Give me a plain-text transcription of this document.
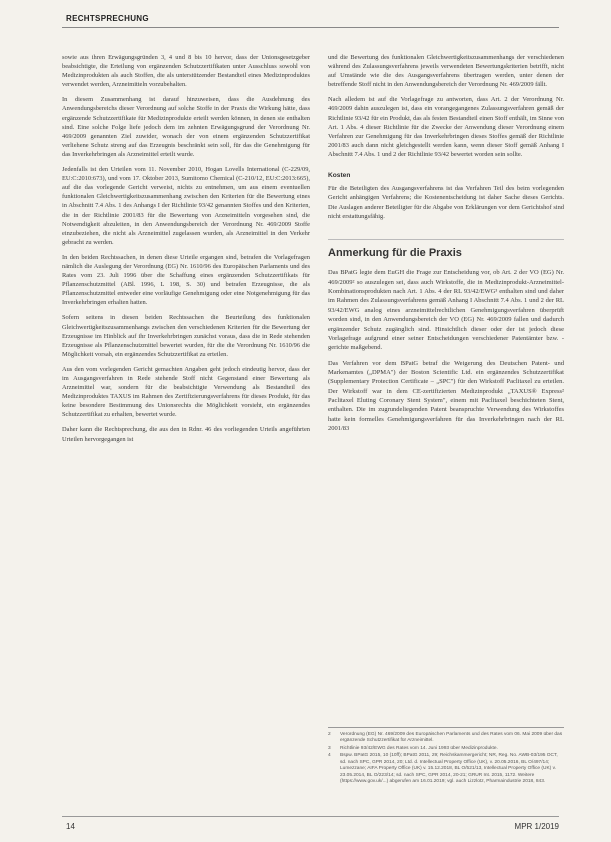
RECHTSPRECHUNG

sowie aus ihren Erwägungsgründen 3, 4 und 8 bis 10 hervor, dass der Unionsgesetzgeber beabsichtigte, die Erteilung von ergänzenden Schutzzertifikaten unter Ausschluss sowohl von Medizinprodukten als auch Stoffen, die als unterstützender Bestandteil eines Medizinproduktes verwendet werden, Arzneimitteln vorzubehalten.

In diesem Zusammenhang ist darauf hinzuweisen, dass die Ausdehnung des Anwendungsbereichs dieser Verordnung auf solche Stoffe in der Praxis die Wirkung hätte, dass ergänzende Schutzzertifikate für Medizinprodukte erteilt werden können, in denen sie enthalten sind. Eine solche Folge liefe jedoch dem im zehnten Erwägungsgrund der Verordnung Nr. 469/2009 genannten Ziel zuwider, wonach der von einem ergänzenden Schutzzertifikat verliehene Schutz streng auf das Erzeugnis beschränkt sein soll, für das die Genehmigung für das Inverkehrbringen als Arzneimittel erteilt wurde.

Jedenfalls ist den Urteilen vom 11. November 2010, Hogan Lovells International (C-229/09, EU:C:2010:673), und vom 17. Oktober 2013, Sumitomo Chemical (C-210/12, EU:C:2013:665), auf die das vorlegende Gericht verweist, nichts zu entnehmen, um aus einem eventuellen funktionalen Gleichwertigkeitszusammenhang zwischen den Kriterien für die Bewertung eines in Abschnitt 7.4 Abs. 1 des Anhangs I der Richtlinie 93/42 genannten Stoffes und den Kriterien, die in der Richtlinie 2001/83 für die Bewertung von Arzneimitteln vorgesehen sind, die Notwendigkeit abzuleiten, in den Anwendungsbereich der Verordnung Nr. 469/2009 Stoffe einzubeziehen, die nicht als Arzneimittel zugelassen wurden, als Arzneimittel in den Verkehr gebracht zu werden.

In den beiden Rechtssachen, in denen diese Urteile ergangen sind, betrafen die Vorlagefragen nämlich die Auslegung der Verordnung (EG) Nr. 1610/96 des Europäischen Parlaments und des Rates vom 23. Juli 1996 über die Schaffung eines ergänzenden Schutzzertifikats für Pflanzenschutzmittel (ABl. 1996, L 198, S. 30) und betrafen Erzeugnisse, die als Pflanzenschutzmittel entweder eine vorläufige Genehmigung oder eine Notgenehmigung für das Inverkehrbringen erhalten hatten.

Sofern seitens in diesen beiden Rechtssachen die Beurteilung des funktionalen Gleichwertigkeitszusammenhangs zwischen den verschiedenen Kriterien für die Bewertung der Erzeugnisse im Hinblick auf ihr Inverkehrbringen zunächst voraus, dass die in Rede stehenden Erzeugnisse als Pflanzenschutzmittel bewertet wurden, für die die Verordnung Nr. 1610/96 die Möglichkeit vorsah, ein ergänzendes Schutzzertifikat zu erteilen.

Aus den vom vorlegenden Gericht gemachten Angaben geht jedoch eindeutig hervor, dass der im Ausgangsverfahren in Rede stehende Stoff nicht Gegenstand einer Bewertung als Arzneimittel war, sondern für die beabsichtigte Verwendung als Bestandteil des Medizinproduktes TAXUS im Rahmen des Zertifizierungsverfahrens für dieses Produkt, für das keine besondere Bestimmung des Unionsrechts die Möglichkeit vorsieht, ein ergänzendes Schutzzertifikat zu erhalten, bewertet wurde.

Daher kann die Rechtsprechung, die aus den in Rdnr. 46 des vorliegenden Urteils angeführten Urteilen hervorgegangen ist

und die Bewertung des funktionalen Gleichwertigkeitszusammenhangs der verschiedenen während des Zulassungsverfahrens jeweils verwendeten Bewertungskriterien betrifft, nicht auf Umstände wie die des Ausgangsverfahrens übertragen werden, unter denen der betreffende Stoff nicht in den Anwendungsbereich der Verordnung Nr. 469/2009 fällt.

Nach alledem ist auf die Vorlagefrage zu antworten, dass Art. 2 der Verordnung Nr. 469/2009 dahin auszulegen ist, dass ein vorangegangenes Zulassungsverfahren gemäß der Richtlinie 93/42 für ein Produkt, das als festen Bestandteil einen Stoff enthält, im Sinne von Art. 1 Abs. 4 dieser Richtlinie für die Zwecke der Anwendung dieser Verordnung einem Verfahren zur Genehmigung für das Inverkehrbringen dieses Stoffes gemäß der Richtlinie 2001/83 auch dann nicht gleichgestellt werden kann, wenn dieser Stoff gemäß Anhang I Abschnitt 7.4 Abs. 1 und 2 der Richtlinie 93/42 bewertet worden sein sollte.

Kosten

Für die Beteiligten des Ausgangsverfahrens ist das Verfahren Teil des beim vorlegenden Gericht anhängigen Verfahrens; die Kostenentscheidung ist daher Sache dieses Gerichts. Die Auslagen anderer Beteiligter für die Abgabe von Erklärungen vor dem Gerichtshof sind nicht erstattungsfähig.

Anmerkung für die Praxis

Das BPatG legte dem EuGH die Frage zur Entscheidung vor, ob Art. 2 der VO (EG) Nr. 469/2009² so auszulegen sei, dass auch Wirkstoffe, die in Medizinprodukt-Arzneimittel-Kombinationsprodukten nach Art. 1 Abs. 4 der RL 93/42/EWG³ enthalten sind und daher im Rahmen des Zulassungsverfahrens gemäß Anhang I Abschnitt 7.4 Abs. 1 und 2 der RL 93/42/EWG analog eines arzneimittelrechtlichen Genehmigungsverfahren überprüft worden sind, in den Anwendungsbereich der VO (EG) Nr. 469/2009 fallen und dadurch ergänzender Schutz zugänglich sind. Hinsichtlich dieser oder der ist jedoch diese Vorlagefrage aufgrund einer seiner Entscheidungen verschiedener Patentämter bzw. -gerichte maßgebend.

Das Verfahren vor dem BPatG betraf die Weigerung des Deutschen Patent- und Markenamtes („DPMA") der Boston Scientific Ltd. ein ergänzendes Schutzzertifikat (Supplementary Protection Certificate – „SPC") für den Wirkstoff Paclitaxel zu erteilen. Der Wirkstoff war in dem CE-zertifizierten Medizinprodukt „TAXUS® Express² Paclitaxel Eluting Coronary Stent System", einem mit Paclitaxel beschichteten Stent, enthalten. Die im zugrundeliegenden Patent beanspruchte Verwendung des Wirkstoffes hatte kein formelles Genehmigungsverfahren für das Inverkehrbringen nach der RL 2001/83

2	Verordnung (EG) Nr. 469/2009 des Europäischen Parlaments und des Rates vom 06. Mai 2009 über das ergänzende Schutzzertifikat für Arzneimittel.
3	Richtlinie 93/42/EWG des Rates vom 14. Juni 1993 über Medizinprodukte.
4	Bspw. BPatG 2015, 10 (10ff); BPatG 2011, 29; Reichskammergericht; NR, Reg. No. AWB-03/195 OCT, sd. nach SPC, GPR 2014, 20; Ltd. d. Intellectual Property Office (UK), v. 20.05.2016, BL O/497/14; Lumezzane; AIFA Property Office (UK) v. 15.12.2018, BL O/521/13, Intellectual Property Office (UK) v. 23.05.2014, BL O/223/14; sd. nach SPC, GPR 2014, 20-21; GRUR Int. 2015, 1172. Weitere (https://www.gov.uk/...) abgerufen am 16.01.2019; vgl. auch Lizzlotz, Pharmaindustrie 2018, 843.
14	MPR 1/2019
